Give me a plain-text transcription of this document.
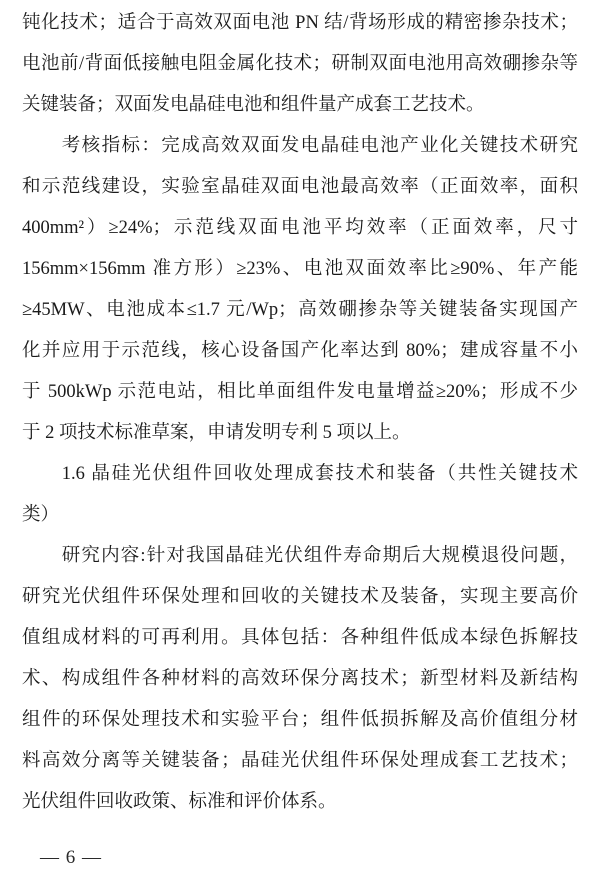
钝化技术；适合于高效双面电池 PN 结/背场形成的精密掺杂技术；
电池前/背面低接触电阻金属化技术；研制双面电池用高效硼掺杂等
关键装备；双面发电晶硅电池和组件量产成套工艺技术。
考核指标：完成高效双面发电晶硅电池产业化关键技术研究
和示范线建设，实验室晶硅双面电池最高效率（正面效率，面积
400mm²）≥24%；示范线双面电池平均效率（正面效率，尺寸
156mm×156mm 准方形）≥23%、电池双面效率比≥90%、年产能
≥45MW、电池成本≤1.7 元/Wp；高效硼掺杂等关键装备实现国产
化并应用于示范线，核心设备国产化率达到 80%；建成容量不小
于 500kWp 示范电站，相比单面组件发电量增益≥20%；形成不少
于 2 项技术标准草案，申请发明专利 5 项以上。
1.6 晶硅光伏组件回收处理成套技术和装备（共性关键技术
类）
研究内容:针对我国晶硅光伏组件寿命期后大规模退役问题，
研究光伏组件环保处理和回收的关键技术及装备，实现主要高价
值组成材料的可再利用。具体包括：各种组件低成本绿色拆解技
术、构成组件各种材料的高效环保分离技术；新型材料及新结构
组件的环保处理技术和实验平台；组件低损拆解及高价值组分材
料高效分离等关键装备；晶硅光伏组件环保处理成套工艺技术；
光伏组件回收政策、标准和评价体系。
— 6 —
